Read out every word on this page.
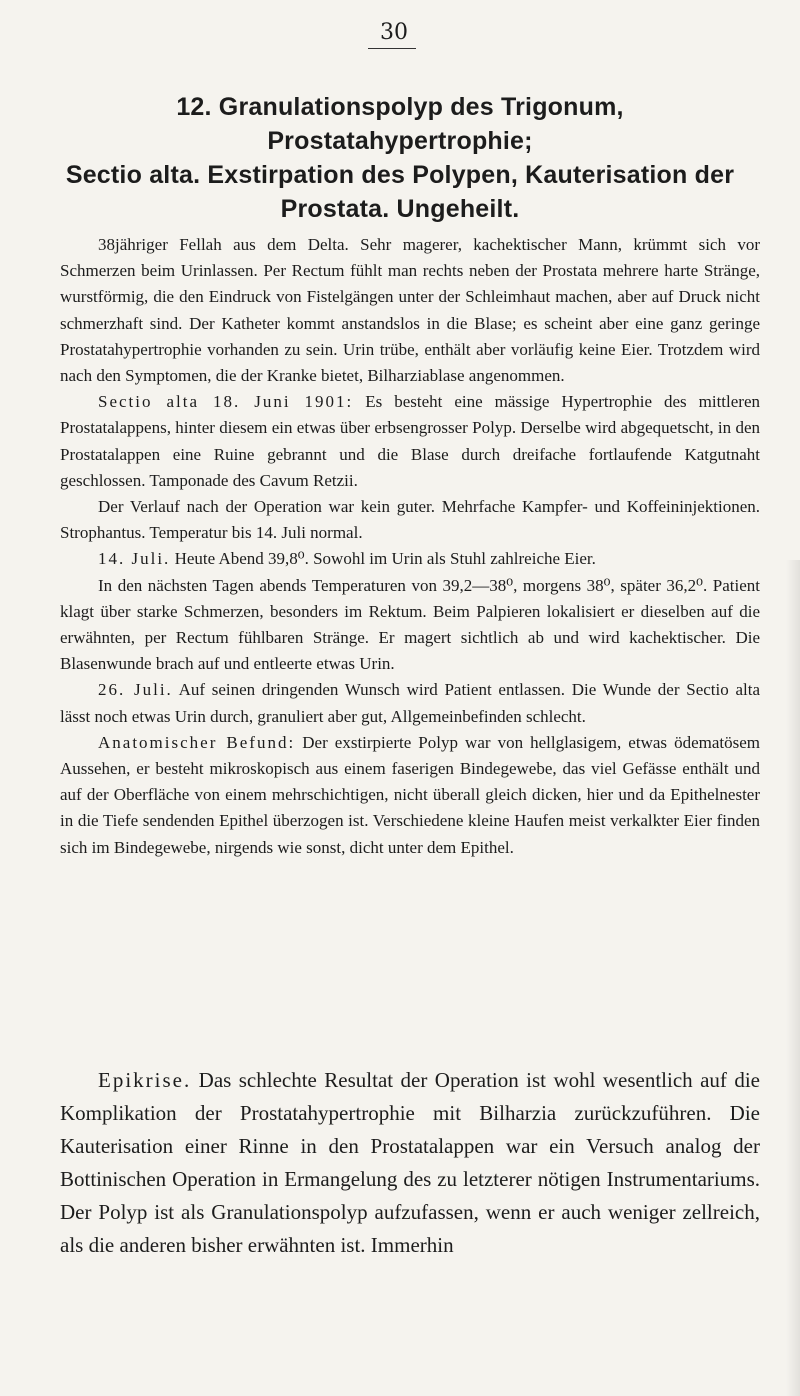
30
12. Granulationspolyp des Trigonum, Prostatahypertrophie;
Sectio alta. Exstirpation des Polypen, Kauterisation der
Prostata. Ungeheilt.

38jähriger Fellah aus dem Delta. Sehr magerer, kachektischer Mann, krümmt sich vor Schmerzen beim Urinlassen. Per Rectum fühlt man rechts neben der Prostata mehrere harte Stränge, wurstförmig, die den Eindruck von Fistelgängen unter der Schleimhaut machen, aber auf Druck nicht schmerzhaft sind. Der Katheter kommt anstandslos in die Blase; es scheint aber eine ganz geringe Prostatahypertrophie vorhanden zu sein. Urin trübe, enthält aber vorläufig keine Eier. Trotzdem wird nach den Symptomen, die der Kranke bietet, Bilharziablase angenommen.

Sectio alta 18. Juni 1901: Es besteht eine mässige Hypertrophie des mittleren Prostatalappens, hinter diesem ein etwas über erbsengrosser Polyp. Derselbe wird abgequetscht, in den Prostatalappen eine Ruine gebrannt und die Blase durch dreifache fortlaufende Katgutnaht geschlossen. Tamponade des Cavum Retzii.

Der Verlauf nach der Operation war kein guter. Mehrfache Kampfer- und Koffeininjektionen. Strophantus. Temperatur bis 14. Juli normal.

14. Juli. Heute Abend 39,8⁰. Sowohl im Urin als Stuhl zahlreiche Eier.

In den nächsten Tagen abends Temperaturen von 39,2—38⁰, morgens 38⁰, später 36,2⁰. Patient klagt über starke Schmerzen, besonders im Rektum. Beim Palpieren lokalisiert er dieselben auf die erwähnten, per Rectum fühlbaren Stränge. Er magert sichtlich ab und wird kachektischer. Die Blasenwunde brach auf und entleerte etwas Urin.

26. Juli. Auf seinen dringenden Wunsch wird Patient entlassen. Die Wunde der Sectio alta lässt noch etwas Urin durch, granuliert aber gut, Allgemeinbefinden schlecht.

Anatomischer Befund: Der exstirpierte Polyp war von hellglasigem, etwas ödematösem Aussehen, er besteht mikroskopisch aus einem faserigen Bindegewebe, das viel Gefässe enthält und auf der Oberfläche von einem mehrschichtigen, nicht überall gleich dicken, hier und da Epithelnester in die Tiefe sendenden Epithel überzogen ist. Verschiedene kleine Haufen meist verkalkter Eier finden sich im Bindegewebe, nirgends wie sonst, dicht unter dem Epithel.

Epikrise. Das schlechte Resultat der Operation ist wohl wesentlich auf die Komplikation der Prostatahypertrophie mit Bilharzia zurückzuführen. Die Kauterisation einer Rinne in den Prostatalappen war ein Versuch analog der Bottinischen Operation in Ermangelung des zu letzterer nötigen Instrumentariums. Der Polyp ist als Granulationspolyp aufzufassen, wenn er auch weniger zellreich, als die anderen bisher erwähnten ist. Immerhin
